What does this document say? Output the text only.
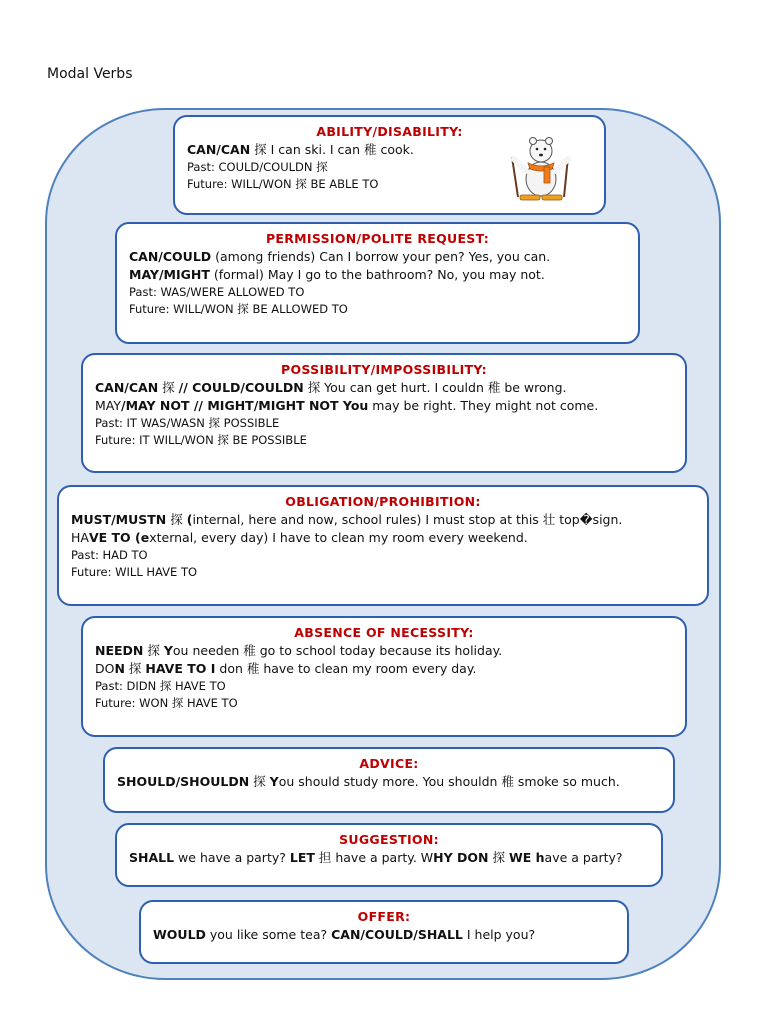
Modal Verbs
ABILITY/DISABILITY:
CAN/CAN 探 I can ski. I can 稚 cook.
Past: COULD/COULDN 探
Future: WILL/WON 探 BE ABLE TO
PERMISSION/POLITE REQUEST:
CAN/COULD (among friends) Can I borrow your pen? Yes, you can.
MAY/MIGHT (formal) May I go to the bathroom? No, you may not.
Past: WAS/WERE ALLOWED TO
Future: WILL/WON 探 BE ALLOWED TO
POSSIBILITY/IMPOSSIBILITY:
CAN/CAN 探 // COULD/COULDN 探 You can get hurt. I couldn 稚 be wrong.
MAY/MAY NOT // MIGHT/MIGHT NOT You may be right. They might not come.
Past: IT WAS/WASN 探 POSSIBLE
Future: IT WILL/WON 探 BE POSSIBLE
OBLIGATION/PROHIBITION:
MUST/MUSTN 探 (internal, here and now, school rules) I must stop at this 壮 top�sign.
HAVE TO (external, every day) I have to clean my room every weekend.
Past: HAD TO
Future: WILL HAVE TO
ABSENCE OF NECESSITY:
NEEDN 探 You needen 稚 go to school today because its holiday.
DON 探 HAVE TO I don 稚 have to clean my room every day.
Past: DIDN 探 HAVE TO
Future: WON 探 HAVE TO
ADVICE:
SHOULD/SHOULDN 探 You should study more. You shouldn 稚 smoke so much.
SUGGESTION:
SHALL we have a party? LET 担 have a party. WHY DON 探 WE have a party?
OFFER:
WOULD you like some tea? CAN/COULD/SHALL I help you?
